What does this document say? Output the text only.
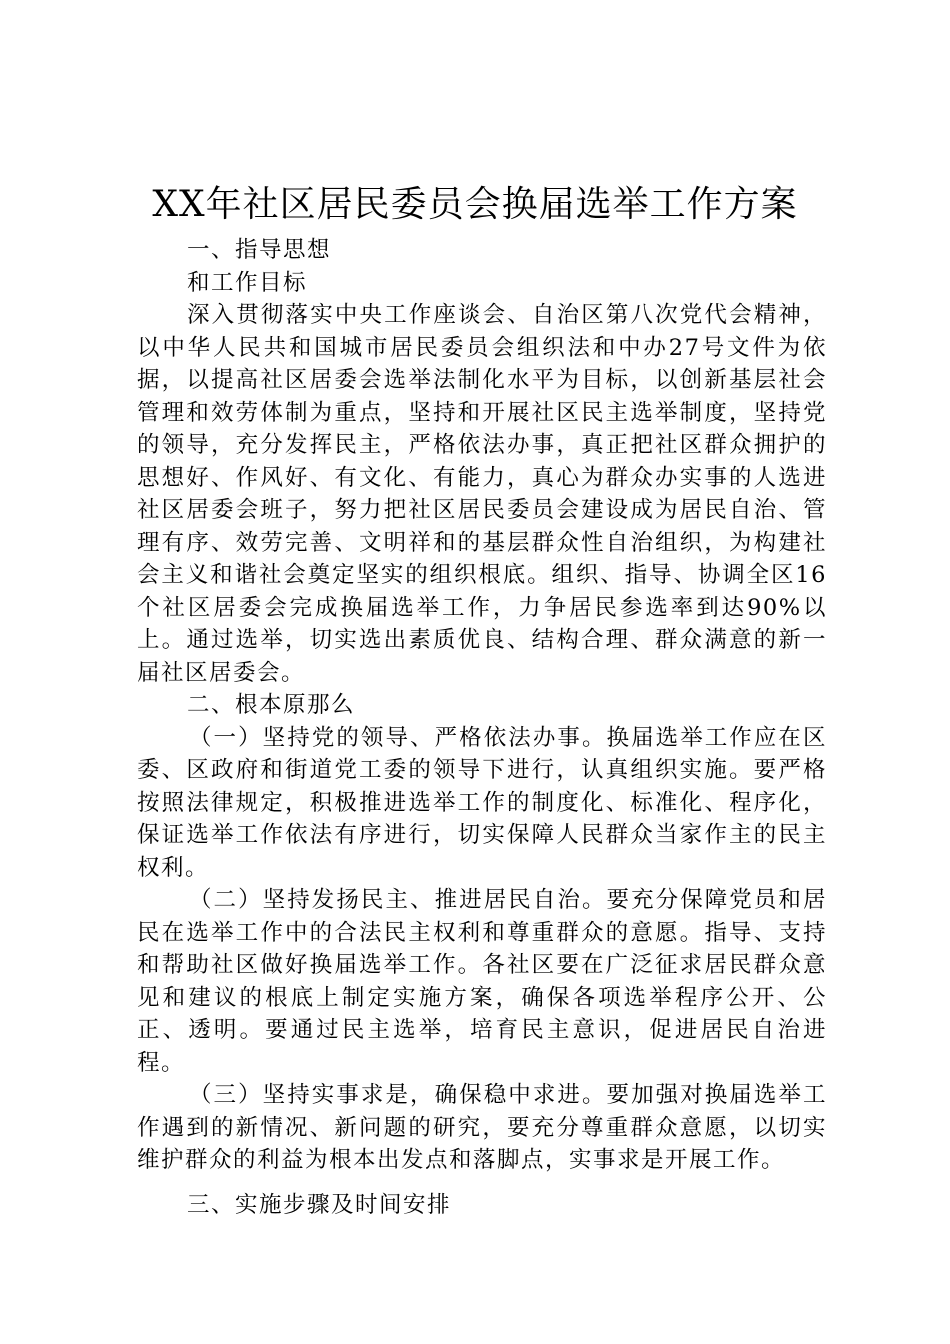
XX年社区居民委员会换届选举工作方案

一、指导思想

和工作目标

深入贯彻落实中央工作座谈会、自治区第八次党代会精神，以中华人民共和国城市居民委员会组织法和中办27号文件为依据，以提高社区居委会选举法制化水平为目标，以创新基层社会管理和效劳体制为重点，坚持和开展社区民主选举制度，坚持党的领导，充分发挥民主，严格依法办事，真正把社区群众拥护的思想好、作风好、有文化、有能力，真心为群众办实事的人选进社区居委会班子，努力把社区居民委员会建设成为居民自治、管理有序、效劳完善、文明祥和的基层群众性自治组织，为构建社会主义和谐社会奠定坚实的组织根底。组织、指导、协调全区16个社区居委会完成换届选举工作，力争居民参选率到达90%以上。通过选举，切实选出素质优良、结构合理、群众满意的新一届社区居委会。

二、根本原那么

（一）坚持党的领导、严格依法办事。换届选举工作应在区委、区政府和街道党工委的领导下进行，认真组织实施。要严格按照法律规定，积极推进选举工作的制度化、标准化、程序化，保证选举工作依法有序进行，切实保障人民群众当家作主的民主权利。

（二）坚持发扬民主、推进居民自治。要充分保障党员和居民在选举工作中的合法民主权利和尊重群众的意愿。指导、支持和帮助社区做好换届选举工作。各社区要在广泛征求居民群众意见和建议的根底上制定实施方案，确保各项选举程序公开、公正、透明。要通过民主选举，培育民主意识，促进居民自治进程。

（三）坚持实事求是，确保稳中求进。要加强对换届选举工作遇到的新情况、新问题的研究，要充分尊重群众意愿，以切实维护群众的利益为根本出发点和落脚点，实事求是开展工作。

三、实施步骤及时间安排
